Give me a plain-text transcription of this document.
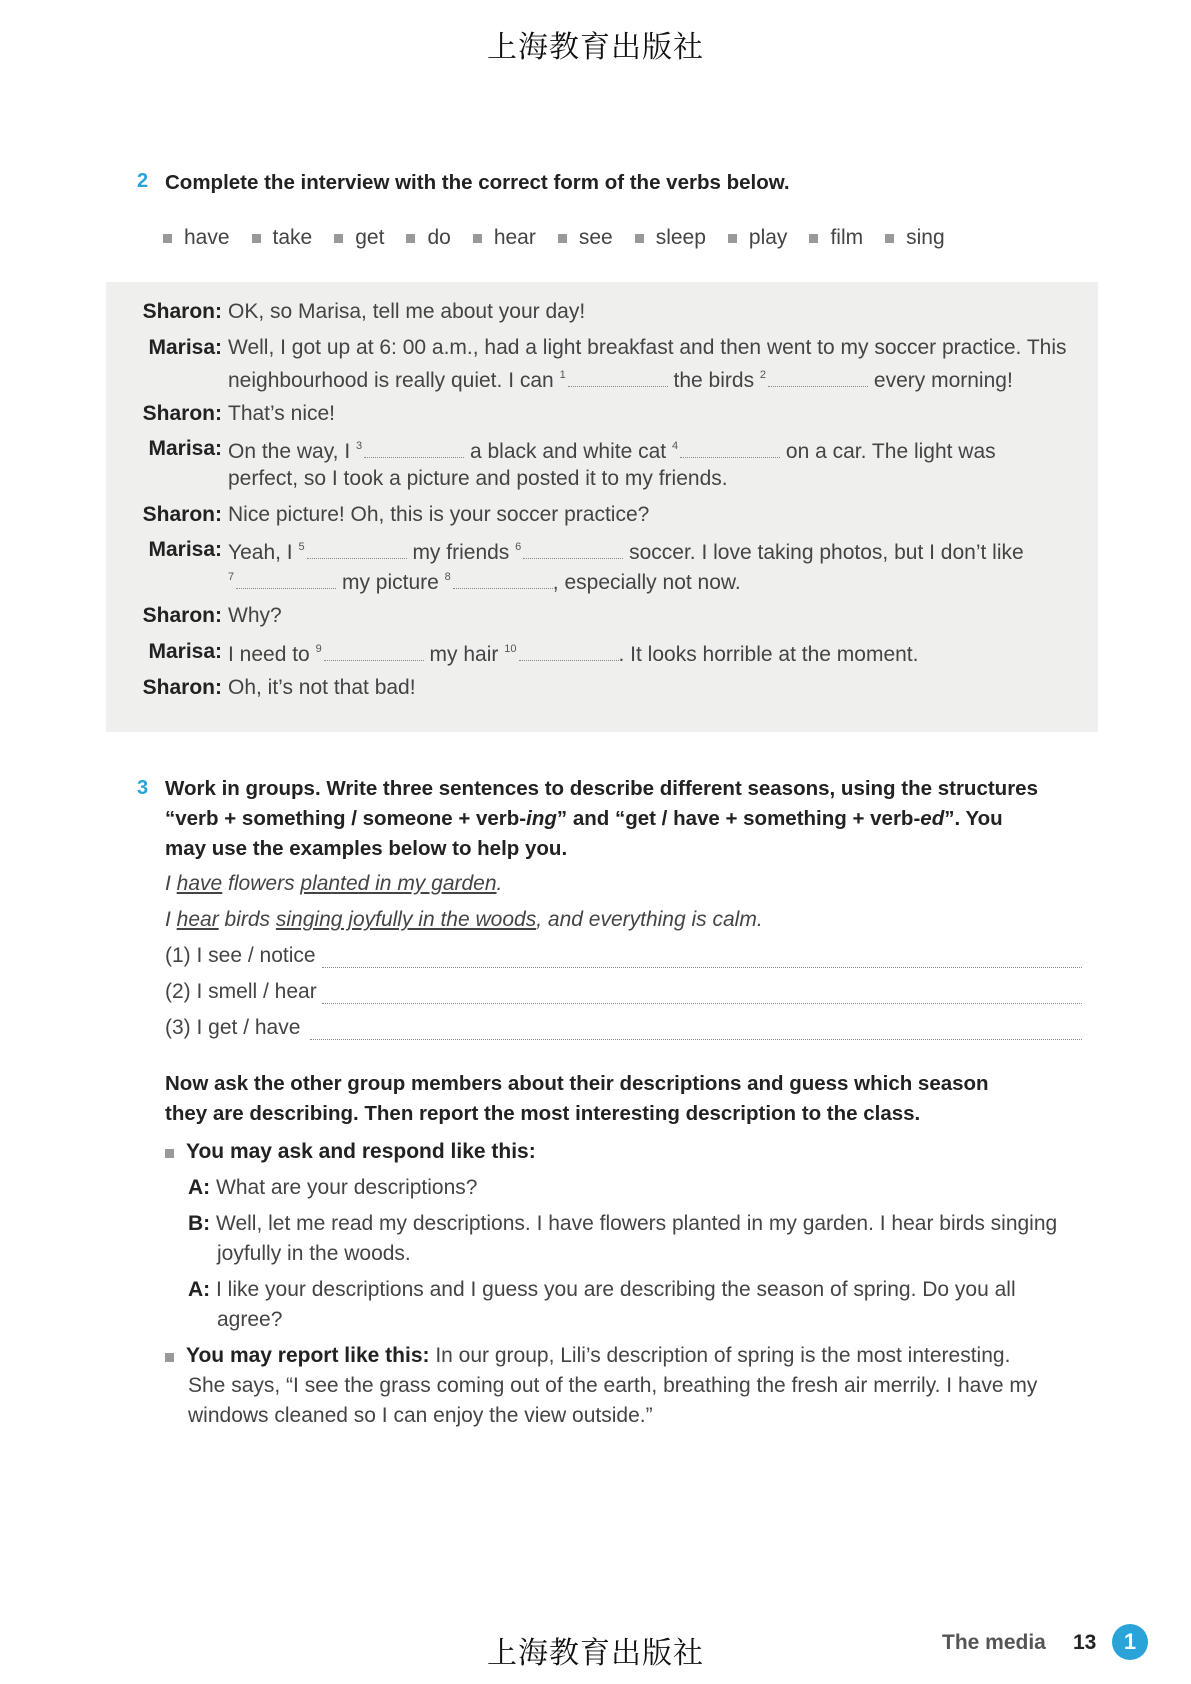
上海教育出版社
2 Complete the interview with the correct form of the verbs below.
have take get do hear see sleep play film sing
Sharon: OK, so Marisa, tell me about your day!
Marisa: Well, I got up at 6: 00 a.m., had a light breakfast and then went to my soccer practice. This
neighbourhood is really quiet. I can $^1$	the birds $^2$	every morning!
Sharon: That’s nice!
Marisa: On the way, I $^3$	a black and white cat $^4$	on a car. The light was
perfect, so I took a picture and posted it to my friends.
Sharon: Nice picture! Oh, this is your soccer practice?
Marisa: Yeah, I $^5$	my friends $^6$	soccer. I love taking photos, but I don’t like
$^7$	my picture $^8$	, especially not now.
Sharon: Why?
Marisa: I need to $^9$	my hair $^{10}$	. It looks horrible at the moment.
Sharon: Oh, it’s not that bad!
3 Work in groups. Write three sentences to describe different seasons, using the structures
“verb + something / someone + verb-ing” and “get / have + something + verb-ed”. You
may use the examples below to help you.
I have flowers planted in my garden.
I hear birds singing joyfully in the woods, and everything is calm.
(1) I see / notice
(2) I smell / hear
(3) I get / have
Now ask the other group members about their descriptions and guess which season
they are describing. Then report the most interesting description to the class.
You may ask and respond like this:
A: What are your descriptions?
B: Well, let me read my descriptions. I have flowers planted in my garden. I hear birds singing
joyfully in the woods.
A: I like your descriptions and I guess you are describing the season of spring. Do you all
agree?
You may report like this: In our group, Lili’s description of spring is the most interesting.
She says, “I see the grass coming out of the earth, breathing the fresh air merrily. I have my
windows cleaned so I can enjoy the view outside.”
上海教育出版社	The media 13	1
